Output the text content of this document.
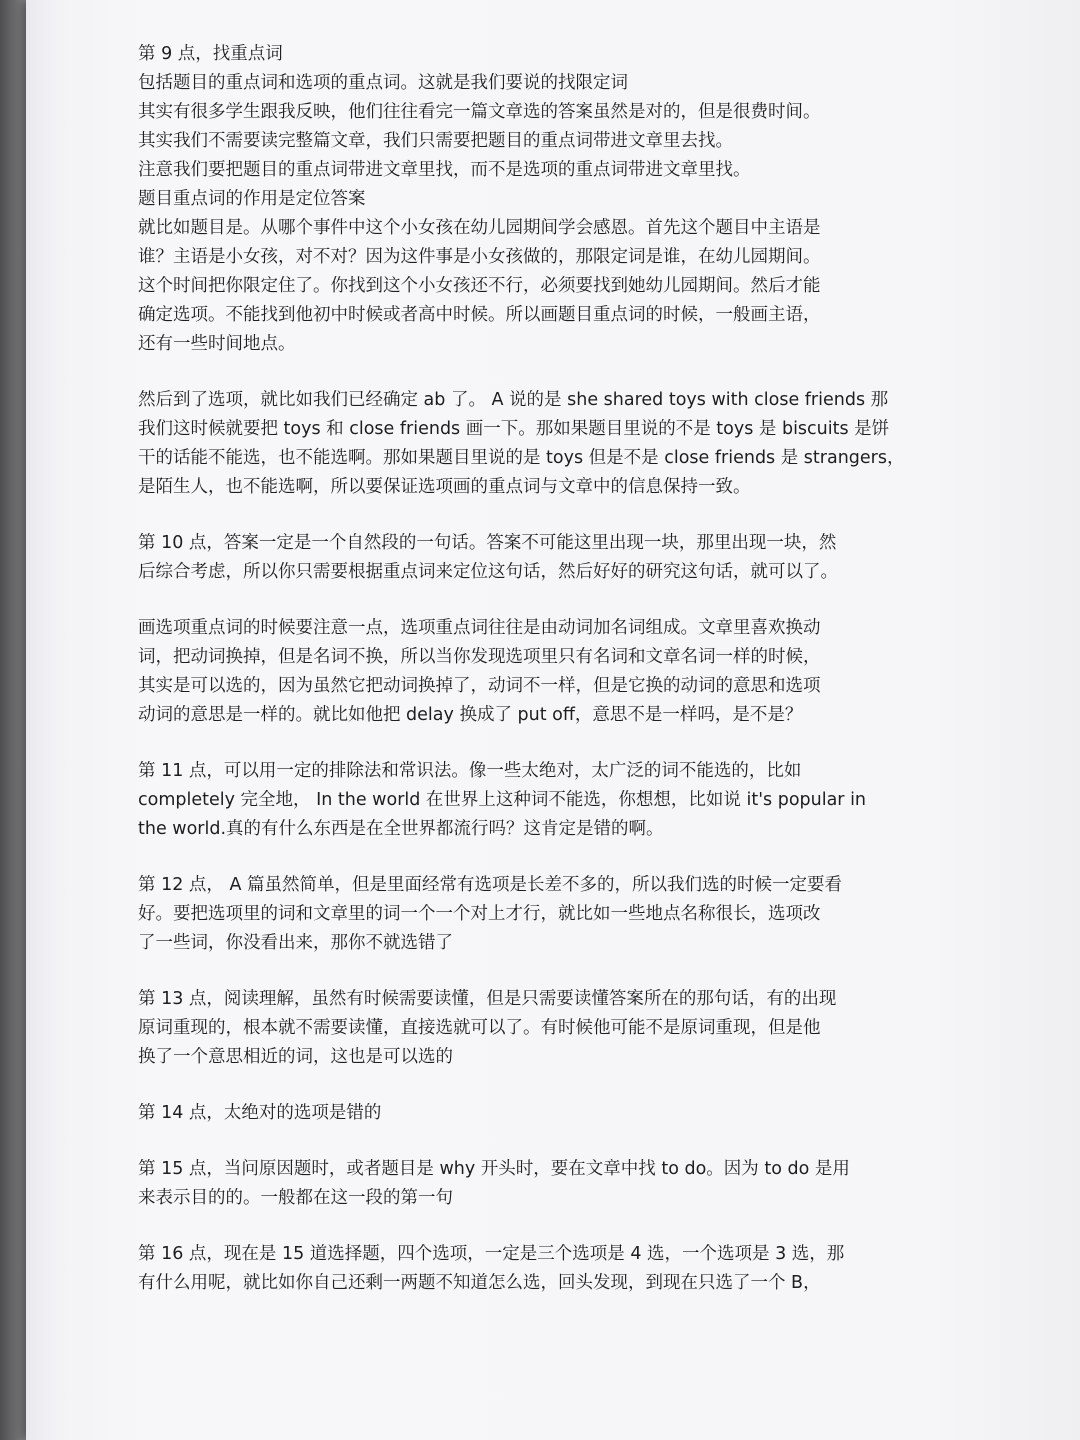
第 9 点，找重点词
包括题目的重点词和选项的重点词。这就是我们要说的找限定词
其实有很多学生跟我反映，他们往往看完一篇文章选的答案虽然是对的，但是很费时间。
其实我们不需要读完整篇文章，我们只需要把题目的重点词带进文章里去找。
注意我们要把题目的重点词带进文章里找，而不是选项的重点词带进文章里找。
题目重点词的作用是定位答案
就比如题目是。从哪个事件中这个小女孩在幼儿园期间学会感恩。首先这个题目中主语是
谁？主语是小女孩，对不对？因为这件事是小女孩做的，那限定词是谁，在幼儿园期间。
这个时间把你限定住了。你找到这个小女孩还不行，必须要找到她幼儿园期间。然后才能
确定选项。不能找到他初中时候或者高中时候。所以画题目重点词的时候，一般画主语，
还有一些时间地点。
然后到了选项，就比如我们已经确定 ab 了。 A 说的是 she shared toys with close friends 那
我们这时候就要把 toys 和 close friends 画一下。那如果题目里说的不是 toys 是 biscuits 是饼
干的话能不能选，也不能选啊。那如果题目里说的是 toys 但是不是 close friends 是 strangers，
是陌生人，也不能选啊，所以要保证选项画的重点词与文章中的信息保持一致。
第 10 点，答案一定是一个自然段的一句话。答案不可能这里出现一块，那里出现一块，然
后综合考虑，所以你只需要根据重点词来定位这句话，然后好好的研究这句话，就可以了。
画选项重点词的时候要注意一点，选项重点词往往是由动词加名词组成。文章里喜欢换动
词，把动词换掉，但是名词不换，所以当你发现选项里只有名词和文章名词一样的时候，
其实是可以选的，因为虽然它把动词换掉了，动词不一样，但是它换的动词的意思和选项
动词的意思是一样的。就比如他把 delay 换成了 put off，意思不是一样吗，是不是？
第 11 点，可以用一定的排除法和常识法。像一些太绝对，太广泛的词不能选的，比如
completely 完全地， In the world 在世界上这种词不能选，你想想，比如说 it's popular in
the world.真的有什么东西是在全世界都流行吗？这肯定是错的啊。
第 12 点， A 篇虽然简单，但是里面经常有选项是长差不多的，所以我们选的时候一定要看
好。要把选项里的词和文章里的词一个一个对上才行，就比如一些地点名称很长，选项改
了一些词，你没看出来，那你不就选错了
第 13 点，阅读理解，虽然有时候需要读懂，但是只需要读懂答案所在的那句话，有的出现
原词重现的，根本就不需要读懂，直接选就可以了。有时候他可能不是原词重现，但是他
换了一个意思相近的词，这也是可以选的
第 14 点，太绝对的选项是错的
第 15 点，当问原因题时，或者题目是 why 开头时，要在文章中找 to do。因为 to do 是用
来表示目的的。一般都在这一段的第一句
第 16 点，现在是 15 道选择题，四个选项，一定是三个选项是 4 选，一个选项是 3 选，那
有什么用呢，就比如你自己还剩一两题不知道怎么选，回头发现，到现在只选了一个 B，
